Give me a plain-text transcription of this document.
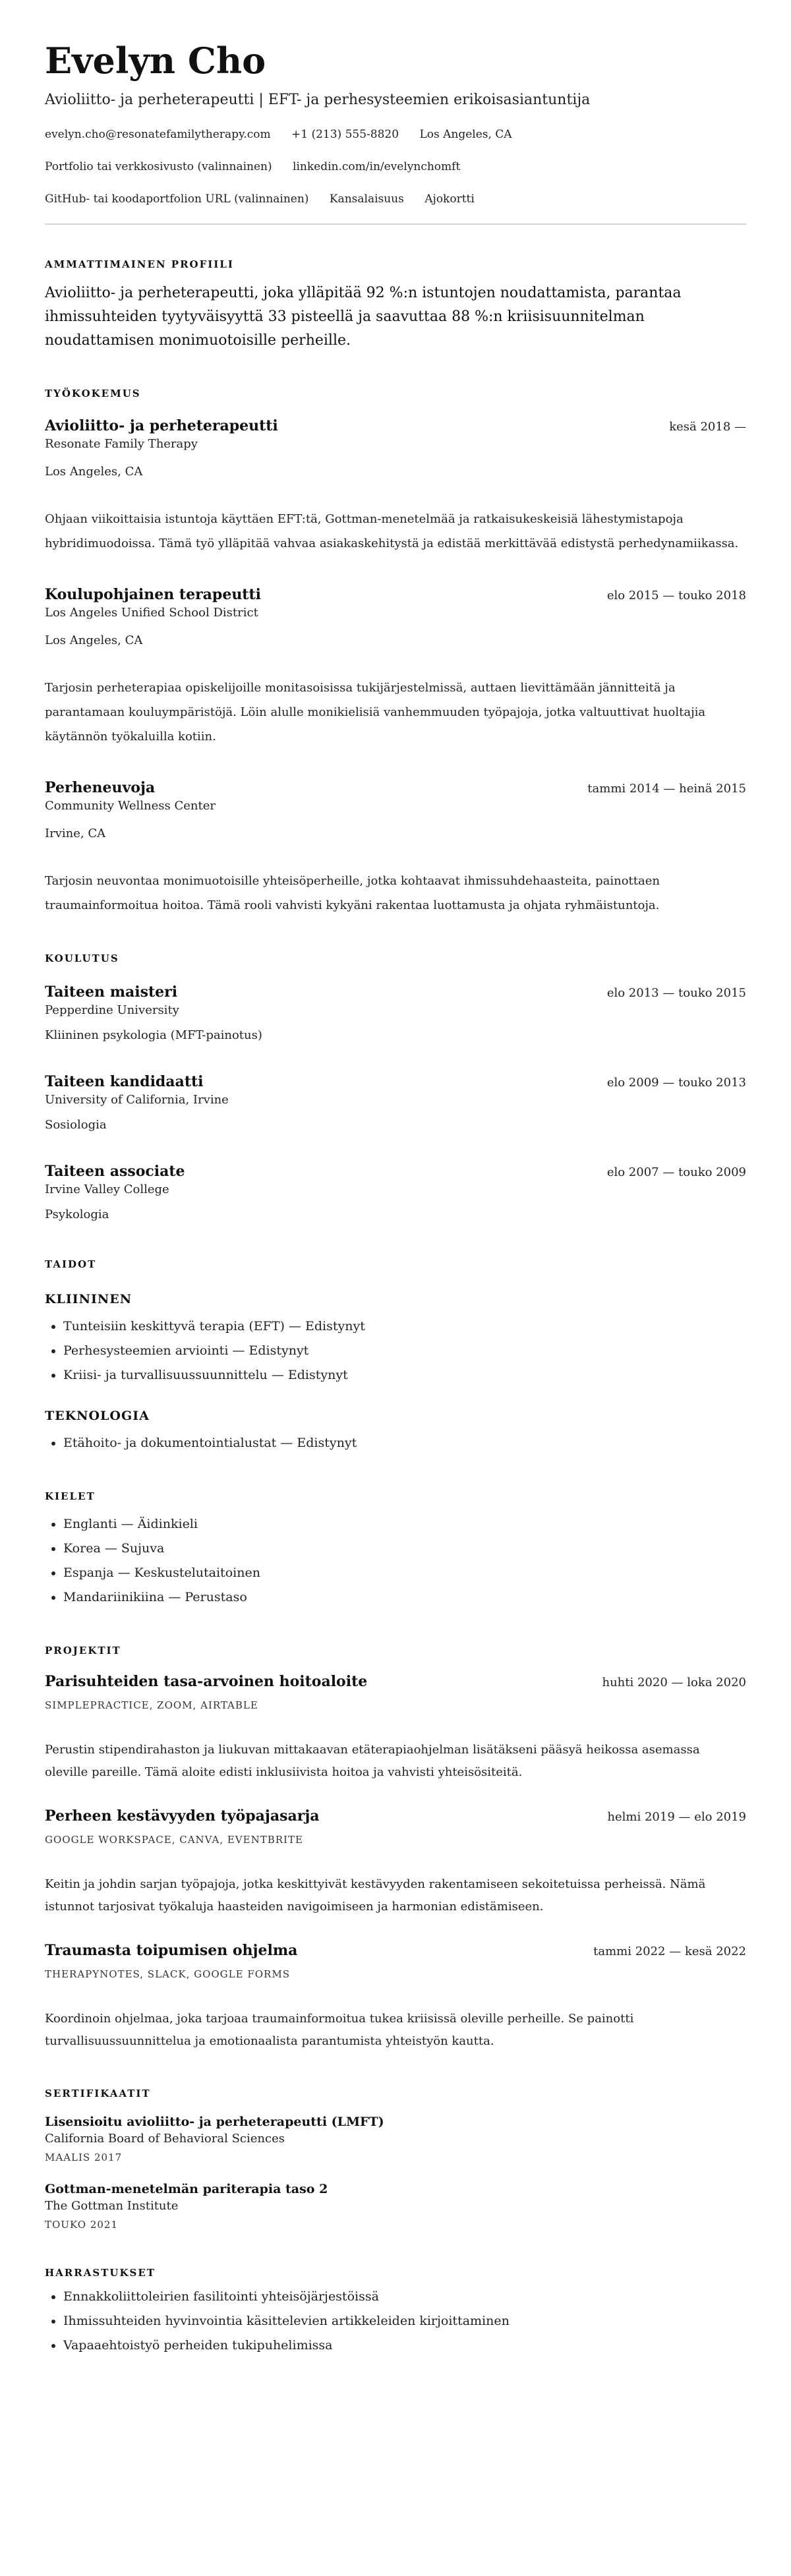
Evelyn Cho

Avioliitto- ja perheterapeutti | EFT- ja perhesysteemien erikoisasiantuntija

evelyn.cho@resonatefamilytherapy.com +1 (213) 555-8820 Los Angeles, CA
Portfolio tai verkkosivusto (valinnainen) linkedin.com/in/evelynchomft
GitHub- tai koodaportfolion URL (valinnainen) Kansalaisuus Ajokortti
AMMATTIMAINEN PROFIILI

Avioliitto- ja perheterapeutti, joka ylläpitää 92 %:n istuntojen noudattamista, parantaa ihmissuhteiden tyytyväisyyttä 33 pisteellä ja saavuttaa 88 %:n kriisisuunnitelman noudattamisen monimuotoisille perheille.

TYÖKOKEMUS
Avioliitto- ja perheterapeutti	kesä 2018 —
Resonate Family Therapy
Los Angeles, CA

Ohjaan viikoittaisia istuntoja käyttäen EFT:tä, Gottman-menetelmää ja ratkaisukeskeisiä lähestymistapoja hybridimuodoissa. Tämä työ ylläpitää vahvaa asiakaskehitystä ja edistää merkittävää edistystä perhedynamiikassa.

Koulupohjainen terapeutti	elo 2015 — touko 2018
Los Angeles Unified School District
Los Angeles, CA

Tarjosin perheterapiaa opiskelijoille monitasoisissa tukijärjestelmissä, auttaen lievittämään jännitteitä ja parantamaan kouluympäristöjä. Löin alulle monikielisiä vanhemmuuden työpajoja, jotka valtuuttivat huoltajia käytännön työkaluilla kotiin.

Perheneuvoja	tammi 2014 — heinä 2015
Community Wellness Center
Irvine, CA

Tarjosin neuvontaa monimuotoisille yhteisöperheille, jotka kohtaavat ihmissuhdehaasteita, painottaen traumainformoitua hoitoa. Tämä rooli vahvisti kykyäni rakentaa luottamusta ja ohjata ryhmäistuntoja.

KOULUTUS
Taiteen maisteri	elo 2013 — touko 2015
Pepperdine University
Kliininen psykologia (MFT-painotus)
Taiteen kandidaatti	elo 2009 — touko 2013
University of California, Irvine
Sosiologia
Taiteen associate	elo 2007 — touko 2009
Irvine Valley College
Psykologia
TAIDOT
KLIININEN
• Tunteisiin keskittyvä terapia (EFT) — Edistynyt
• Perhesysteemien arviointi — Edistynyt
• Kriisi- ja turvallisuussuunnittelu — Edistynyt
TEKNOLOGIA
• Etähoito- ja dokumentointialustat — Edistynyt
KIELET
• Englanti — Äidinkieli
• Korea — Sujuva
• Espanja — Keskustelutaitoinen
• Mandariinikiina — Perustaso
PROJEKTIT
Parisuhteiden tasa-arvoinen hoitoaloite	huhti 2020 — loka 2020
SIMPLEPRACTICE, ZOOM, AIRTABLE

Perustin stipendirahaston ja liukuvan mittakaavan etäterapiaohjelman lisätäkseni pääsyä heikossa asemassa oleville pareille. Tämä aloite edisti inklusiivista hoitoa ja vahvisti yhteisösiteitä.

Perheen kestävyyden työpajasarja	helmi 2019 — elo 2019
GOOGLE WORKSPACE, CANVA, EVENTBRITE

Keitin ja johdin sarjan työpajoja, jotka keskittyivät kestävyyden rakentamiseen sekoitetuissa perheissä. Nämä istunnot tarjosivat työkaluja haasteiden navigoimiseen ja harmonian edistämiseen.

Traumasta toipumisen ohjelma	tammi 2022 — kesä 2022
THERAPYNOTES, SLACK, GOOGLE FORMS

Koordinoin ohjelmaa, joka tarjoaa traumainformoitua tukea kriisissä oleville perheille. Se painotti turvallisuussuunnittelua ja emotionaalista parantumista yhteistyön kautta.

SERTIFIKAATIT
Lisensioitu avioliitto- ja perheterapeutti (LMFT)
California Board of Behavioral Sciences
MAALIS 2017
Gottman-menetelmän pariterapia taso 2
The Gottman Institute
TOUKO 2021
HARRASTUKSET
• Ennakkoliittoleirien fasilitointi yhteisöjärjestöissä
• Ihmissuhteiden hyvinvointia käsittelevien artikkeleiden kirjoittaminen
• Vapaaehtoistyö perheiden tukipuhelimissa
